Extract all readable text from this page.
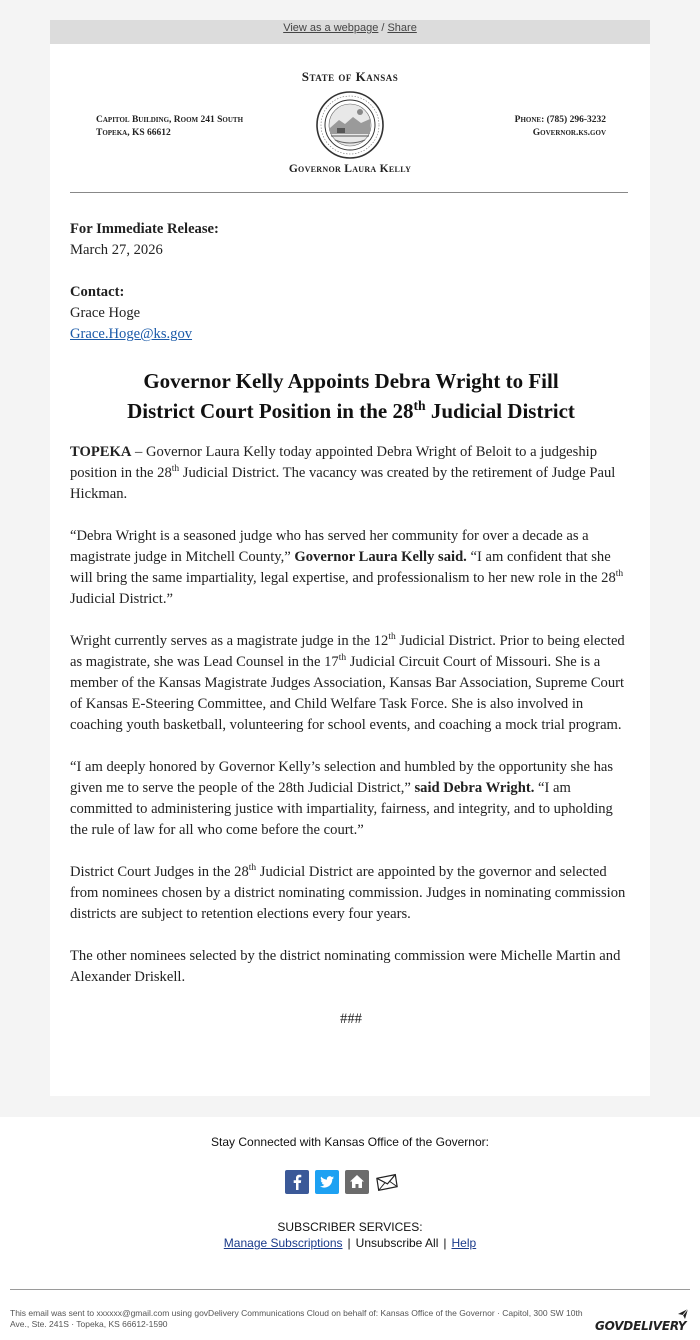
View as a webpage / Share
State of Kansas
Capitol Building, Room 241 South
Topeka, KS 66612
Phone: (785) 296-3232
Governor.ks.gov
Governor Laura Kelly
For Immediate Release:
March 27, 2026
Contact:
Grace Hoge
Grace.Hoge@ks.gov
Governor Kelly Appoints Debra Wright to Fill
District Court Position in the 28th Judicial District

TOPEKA – Governor Laura Kelly today appointed Debra Wright of Beloit to a judgeship position in the 28th Judicial District. The vacancy was created by the retirement of Judge Paul Hickman.

“Debra Wright is a seasoned judge who has served her community for over a decade as a magistrate judge in Mitchell County,” Governor Laura Kelly said. “I am confident that she will bring the same impartiality, legal expertise, and professionalism to her new role in the 28th Judicial District.”

Wright currently serves as a magistrate judge in the 12th Judicial District. Prior to being elected as magistrate, she was Lead Counsel in the 17th Judicial Circuit Court of Missouri. She is a member of the Kansas Magistrate Judges Association, Kansas Bar Association, Supreme Court of Kansas E-Steering Committee, and Child Welfare Task Force. She is also involved in coaching youth basketball, volunteering for school events, and coaching a mock trial program.

“I am deeply honored by Governor Kelly’s selection and humbled by the opportunity she has given me to serve the people of the 28th Judicial District,” said Debra Wright. “I am committed to administering justice with impartiality, fairness, and integrity, and to upholding the rule of law for all who come before the court.”

District Court Judges in the 28th Judicial District are appointed by the governor and selected from nominees chosen by a district nominating commission. Judges in nominating commission districts are subject to retention elections every four years.

The other nominees selected by the district nominating commission were Michelle Martin and Alexander Driskell.

###
Stay Connected with Kansas Office of the Governor:
SUBSCRIBER SERVICES:
Manage Subscriptions | Unsubscribe All | Help
This email was sent to xxxxxx@gmail.com using govDelivery Communications Cloud on behalf of: Kansas Office of the Governor · Capitol, 300 SW 10th Ave., Ste. 241S · Topeka, KS 66612-1590	GOVDELIVERY
